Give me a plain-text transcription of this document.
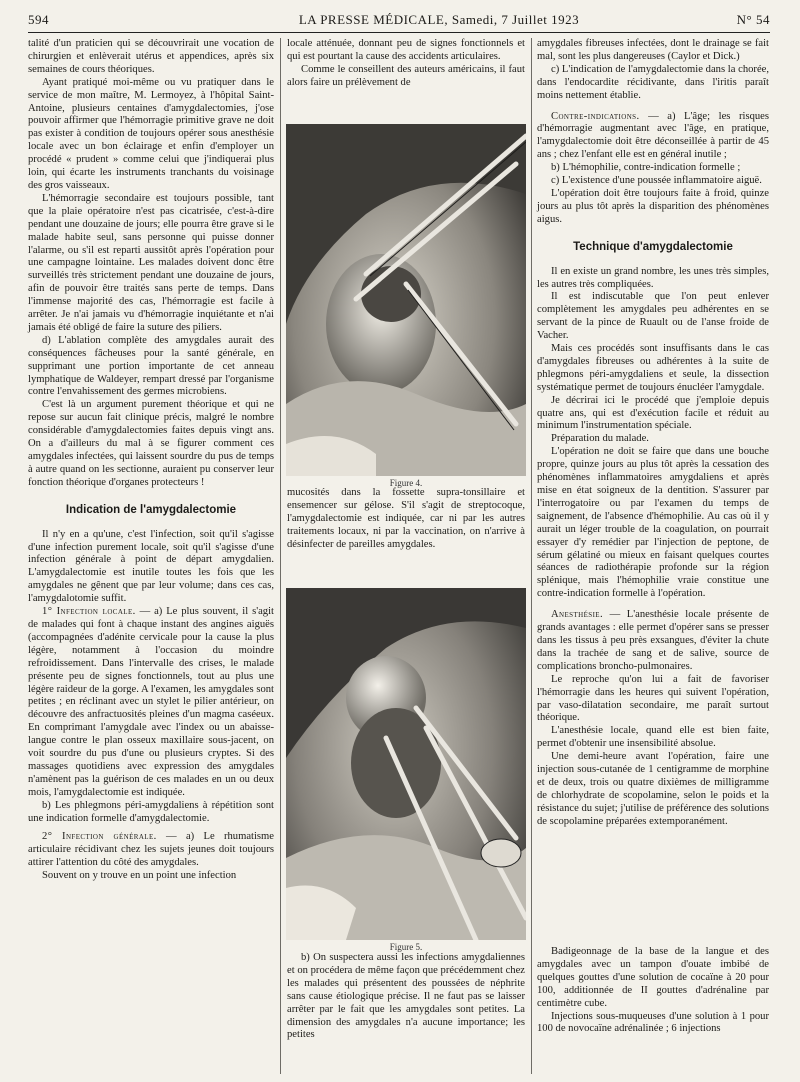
594	LA PRESSE MÉDICALE, Samedi, 7 Juillet 1923	N° 54

talité d'un praticien qui se découvrirait une vocation de chirurgien et enlèverait utérus et appendices, après six semaines de cours théoriques.

Ayant pratiqué moi-même ou vu pratiquer dans le service de mon maître, M. Lermoyez, à l'hôpital Saint-Antoine, plusieurs centaines d'amygdalectomies, j'ose pouvoir affirmer que l'hémorragie primitive grave ne doit pas exister à condition de toujours opérer sous anesthésie locale avec un bon éclairage et enfin d'employer un procédé « prudent » comme celui que j'indiquerai plus loin, qui écarte les instruments tranchants du voisinage des gros vaisseaux.

L'hémorragie secondaire est toujours possible, tant que la plaie opératoire n'est pas cicatrisée, c'est-à-dire pendant une douzaine de jours; elle pourra être grave si le malade habite seul, sans personne qui puisse donner l'alarme, ou s'il est reparti aussitôt après l'opération pour une campagne lointaine. Les malades doivent donc être surveillés très strictement pendant une douzaine de jours, afin de pouvoir être traités sans perte de temps. Dans l'immense majorité des cas, l'hémorragie est facile à arrêter. Je n'ai jamais vu d'hémorragie inquiétante et n'ai jamais été obligé de faire la suture des piliers.

d) L'ablation complète des amygdales aurait des conséquences fâcheuses pour la santé générale, en supprimant une portion importante de cet anneau lymphatique de Waldeyer, rempart dressé par l'organisme contre l'envahissement des germes microbiens.

C'est là un argument purement théorique et qui ne repose sur aucun fait clinique précis, malgré le nombre considérable d'amygdalectomies faites depuis vingt ans. On a d'ailleurs du mal à se figurer comment ces amygdales infectées, qui laissent sourdre du pus de temps à autre quand on les sectionne, auraient pu conserver leur fonction théorique d'organes protecteurs !

Indication de l'amygdalectomie

Il n'y en a qu'une, c'est l'infection, soit qu'il s'agisse d'une infection purement locale, soit qu'il s'agisse d'une infection générale à point de départ amygdalien. L'amygdalectomie est inutile toutes les fois que les amygdales ne gênent que par leur volume; dans ces cas, l'amygdalotomie suffit.

1° Infection locale. — a) Le plus souvent, il s'agit de malades qui font à chaque instant des angines aiguës (accompagnées d'adénite cervicale pour la cause la plus légère, notamment à l'occasion du moindre refroidissement. Dans l'intervalle des crises, le malade présente peu de signes fonctionnels, tout au plus une légère raideur de la gorge. A l'examen, les amygdales sont petites ; en réclinant avec un stylet le pilier antérieur, on découvre des anfractuosités pleines d'un magma caséeux. En comprimant l'amygdale avec l'index ou un abaisse-langue contre le plan osseux maxillaire sous-jacent, on voit sourdre du pus d'une ou plusieurs cryptes. Si des massages quotidiens avec expression des amygdales n'amènent pas la guérison de ces malades en un ou deux mois, l'amygdalectomie est indiquée.

b) Les phlegmons péri-amygdaliens à répétition sont une indication formelle d'amygdalectomie.

2° Infection générale. — a) Le rhumatisme articulaire récidivant chez les sujets jeunes doit toujours attirer l'attention du côté des amygdales.

Souvent on y trouve en un point une infection

locale atténuée, donnant peu de signes fonctionnels et qui est pourtant la cause des accidents articulaires.

Comme le conseillent des auteurs américains, il faut alors faire un prélèvement de

Figure 4.

mucosités dans la fossette supra-tonsillaire et ensemencer sur gélose. S'il s'agit de streptocoque, l'amygdalectomie est indiquée, car ni par les autres traitements locaux, ni par la vaccination, on n'arrive à désinfecter de pareilles amygdales.

Figure 5.

b) On suspectera aussi les infections amygdaliennes et on procédera de même façon que précédemment chez les malades qui présentent des poussées de néphrite sans cause étiologique précise. Il ne faut pas se laisser arrêter par le fait que les amygdales sont petites. La dimension des amygdales n'a aucune importance; les petites

amygdales fibreuses infectées, dont le drainage se fait mal, sont les plus dangereuses (Caylor et Dick.)

c) L'indication de l'amygdalectomie dans la chorée, dans l'endocardite récidivante, dans l'iritis paraît moins nettement établie.

Contre-indications. — a) L'âge; les risques d'hémorragie augmentant avec l'âge, en pratique, l'amygdalectomie doit être déconseillée à partir de 45 ans ; chez l'enfant elle est en général inutile ;

b) L'hémophilie, contre-indication formelle ;

c) L'existence d'une poussée inflammatoire aiguë.

L'opération doit être toujours faite à froid, quinze jours au plus tôt après la disparition des phénomènes aigus.

Technique d'amygdalectomie

Il en existe un grand nombre, les unes très simples, les autres très compliquées.

Il est indiscutable que l'on peut enlever complètement les amygdales peu adhérentes en se servant de la pince de Ruault ou de l'anse froide de Vacher.

Mais ces procédés sont insuffisants dans le cas d'amygdales fibreuses ou adhérentes à la suite de phlegmons péri-amygdaliens et seule, la dissection systématique permet de toujours énucléer l'amygdale.

Je décrirai ici le procédé que j'emploie depuis quatre ans, qui est d'exécution facile et réduit au minimum l'instrumentation spéciale.

Préparation du malade.

L'opération ne doit se faire que dans une bouche propre, quinze jours au plus tôt après la cessation des phénomènes inflammatoires amygdaliens et après mise en état soigneux de la dentition. S'assurer par l'interrogatoire ou par l'examen du temps de saignement, de l'absence d'hémophilie. Au cas où il y aurait un léger trouble de la coagulation, on pourrait essayer d'y remédier par l'injection de peptone, de sérum gélatiné ou mieux en faisant quelques courtes séances de radiothérapie profonde sur la région splénique, mais l'hémophilie vraie constitue une contre-indication formelle à l'opération.

Anesthésie. — L'anesthésie locale présente de grands avantages : elle permet d'opérer sans se presser dans les tissus à peu près exsangues, d'éviter la chute dans la trachée de sang et de salive, source de complications broncho-pulmonaires.

Le reproche qu'on lui a fait de favoriser l'hémorragie dans les heures qui suivent l'opération, par vaso-dilatation secondaire, me paraît surtout théorique.

L'anesthésie locale, quand elle est bien faite, permet d'obtenir une insensibilité absolue.

Une demi-heure avant l'opération, faire une injection sous-cutanée de 1 centigramme de morphine et de deux, trois ou quatre dixièmes de milligramme de chlorhydrate de scopolamine, selon le poids et la résistance du sujet; j'utilise de préférence des solutions de scopolamine préparées extemporanément.

Badigeonnage de la base de la langue et des amygdales avec un tampon d'ouate imbibé de quelques gouttes d'une solution de cocaïne à 20 pour 100, additionnée de II gouttes d'adrénaline par centimètre cube.

Injections sous-muqueuses d'une solution à 1 pour 100 de novocaïne adrénalinée ; 6 injections
